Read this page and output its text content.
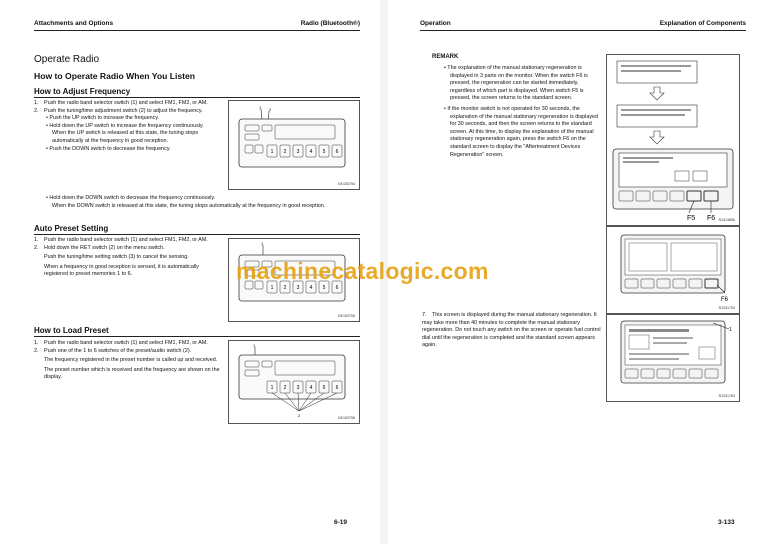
Attachments and Options	Radio (Bluetooth®)
Operate Radio
How to Operate Radio When You Listen
How to Adjust Frequency

1. Push the radio band selector switch (1) and select FM1, FM2, or AM.

2. Push the tuning/time adjustment switch (2) to adjust the frequency.

• Push the UP switch to increase the frequency.

• Hold down the UP switch to increase the frequency continuously.

When the UP switch is released at this state, the tuning stops automatically at the frequency in good reception.

• Push the DOWN switch to decrease the frequency.

• Hold down the DOWN switch to decrease the frequency continuously.

When the DOWN switch is released at this state, the tuning stops automatically at the frequency in good reception.

1 2
1 2 3 4 5 6
GK153754
Auto Preset Setting

1. Push the radio band selector switch (1) and select FM1, FM2, or AM.

2. Hold down the RET switch (2) on the menu switch.

Push the tuning/time setting switch (3) to cancel the sensing.

When a frequency in good reception is sensed, it is automatically registered to preset memories 1 to 6.

1
1 2 3 4 5 6
GK153755
How to Load Preset

1. Push the radio band selector switch (1) and select FM1, FM2, or AM.

2. Push one of the 1 to 6 switches of the preset/audio switch (2).

The frequency registered in the preset number is called up and received.

The preset number which is received and the frequency are shown on the display.

1
2
1 2 3 4 5 6
GK153756
6-19
Operation	Explanation of Components
REMARK

• The explanation of the manual stationary regeneration is displayed in 3 parts on the monitor. When the switch F6 is pressed, the regeneration can be started immediately, regardless of which part is displayed. When switch F5 is pressed, the screen returns to the standard screen.

• If the monitor switch is not operated for 30 seconds, the explanation of the manual stationary regeneration is displayed for 30 seconds, and then the screen returns to the standard screen. At this time, to display the explanation of the manual stationary regeneration again, press the switch F6 on the standard screen to display the "Aftertreatment Devices Regeneration" screen.

F5 F6 RJ413856
F6
RJ331753

7. This screen is displayed during the manual stationary regeneration. It may take more than 40 minutes to complete the manual stationary regeneration. Do not touch any switch on the screen or operate fuel control dial until the regeneration is completed and the standard screen appears again.

1
RJ331763
3-133
machinecatalogic.com
